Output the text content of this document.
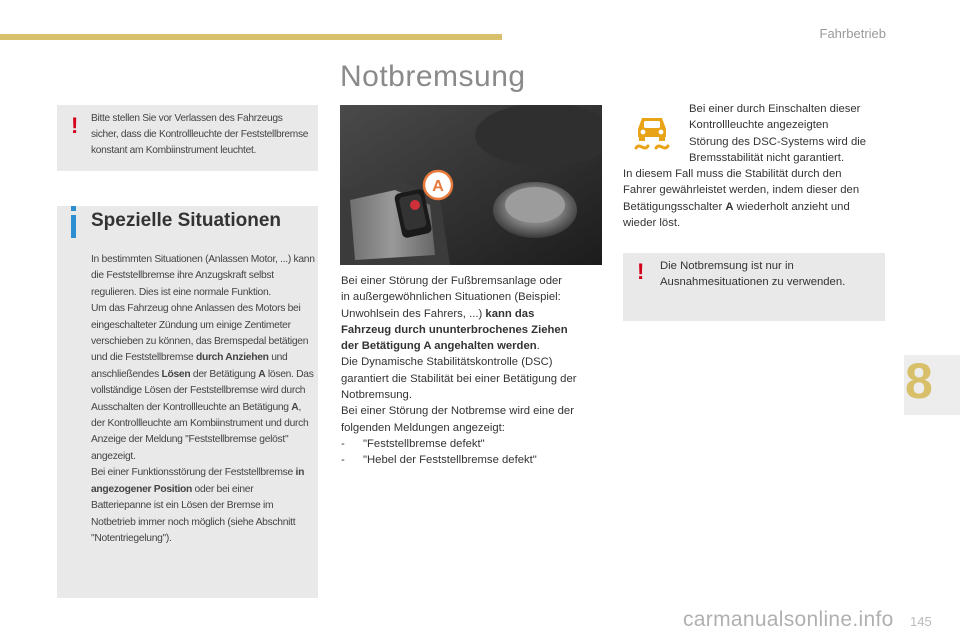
Fahrbetrieb
Notbremsung
! Bitte stellen Sie vor Verlassen des Fahrzeugs
sicher, dass die Kontrollleuchte der Feststellbremse
konstant am Kombiinstrument leuchtet.
Spezielle Situationen
In bestimmten Situationen (Anlassen Motor, ...) kann die Feststellbremse ihre Anzugskraft selbst regulieren. Dies ist eine normale Funktion.
Um das Fahrzeug ohne Anlassen des Motors bei eingeschalteter Zündung um einige Zentimeter verschieben zu können, das Bremspedal betätigen und die Feststellbremse durch Anziehen und anschließendes Lösen der Betätigung A lösen. Das vollständige Lösen der Feststellbremse wird durch Ausschalten der Kontrollleuchte an Betätigung A, der Kontrollleuchte am Kombiinstrument und durch Anzeige der Meldung "Feststellbremse gelöst" angezeigt.
Bei einer Funktionsstörung der Feststellbremse in angezogener Position oder bei einer Batteriepanne ist ein Lösen der Bremse im Notbetrieb immer noch möglich (siehe Abschnitt "Notentriegelung").
A
Bei einer Störung der Fußbremsanlage oder
in außergewöhnlichen Situationen (Beispiel:
Unwohlsein des Fahrers, ...) kann das
Fahrzeug durch ununterbrochenes Ziehen
der Betätigung A angehalten werden.
Die Dynamische Stabilitätskontrolle (DSC)
garantiert die Stabilität bei einer Betätigung der
Notbremsung.
Bei einer Störung der Notbremse wird eine der
folgenden Meldungen angezeigt:
- "Feststellbremse defekt"
- "Hebel der Feststellbremse defekt"
Bei einer durch Einschalten dieser
Kontrollleuchte angezeigten
Störung des DSC-Systems wird die
Bremsstabilität nicht garantiert.
In diesem Fall muss die Stabilität durch den
Fahrer gewährleistet werden, indem dieser den
Betätigungsschalter A wiederholt anzieht und
wieder löst.
! Die Notbremsung ist nur in
Ausnahmesituationen zu verwenden.
8
145
carmanualsonline.info
